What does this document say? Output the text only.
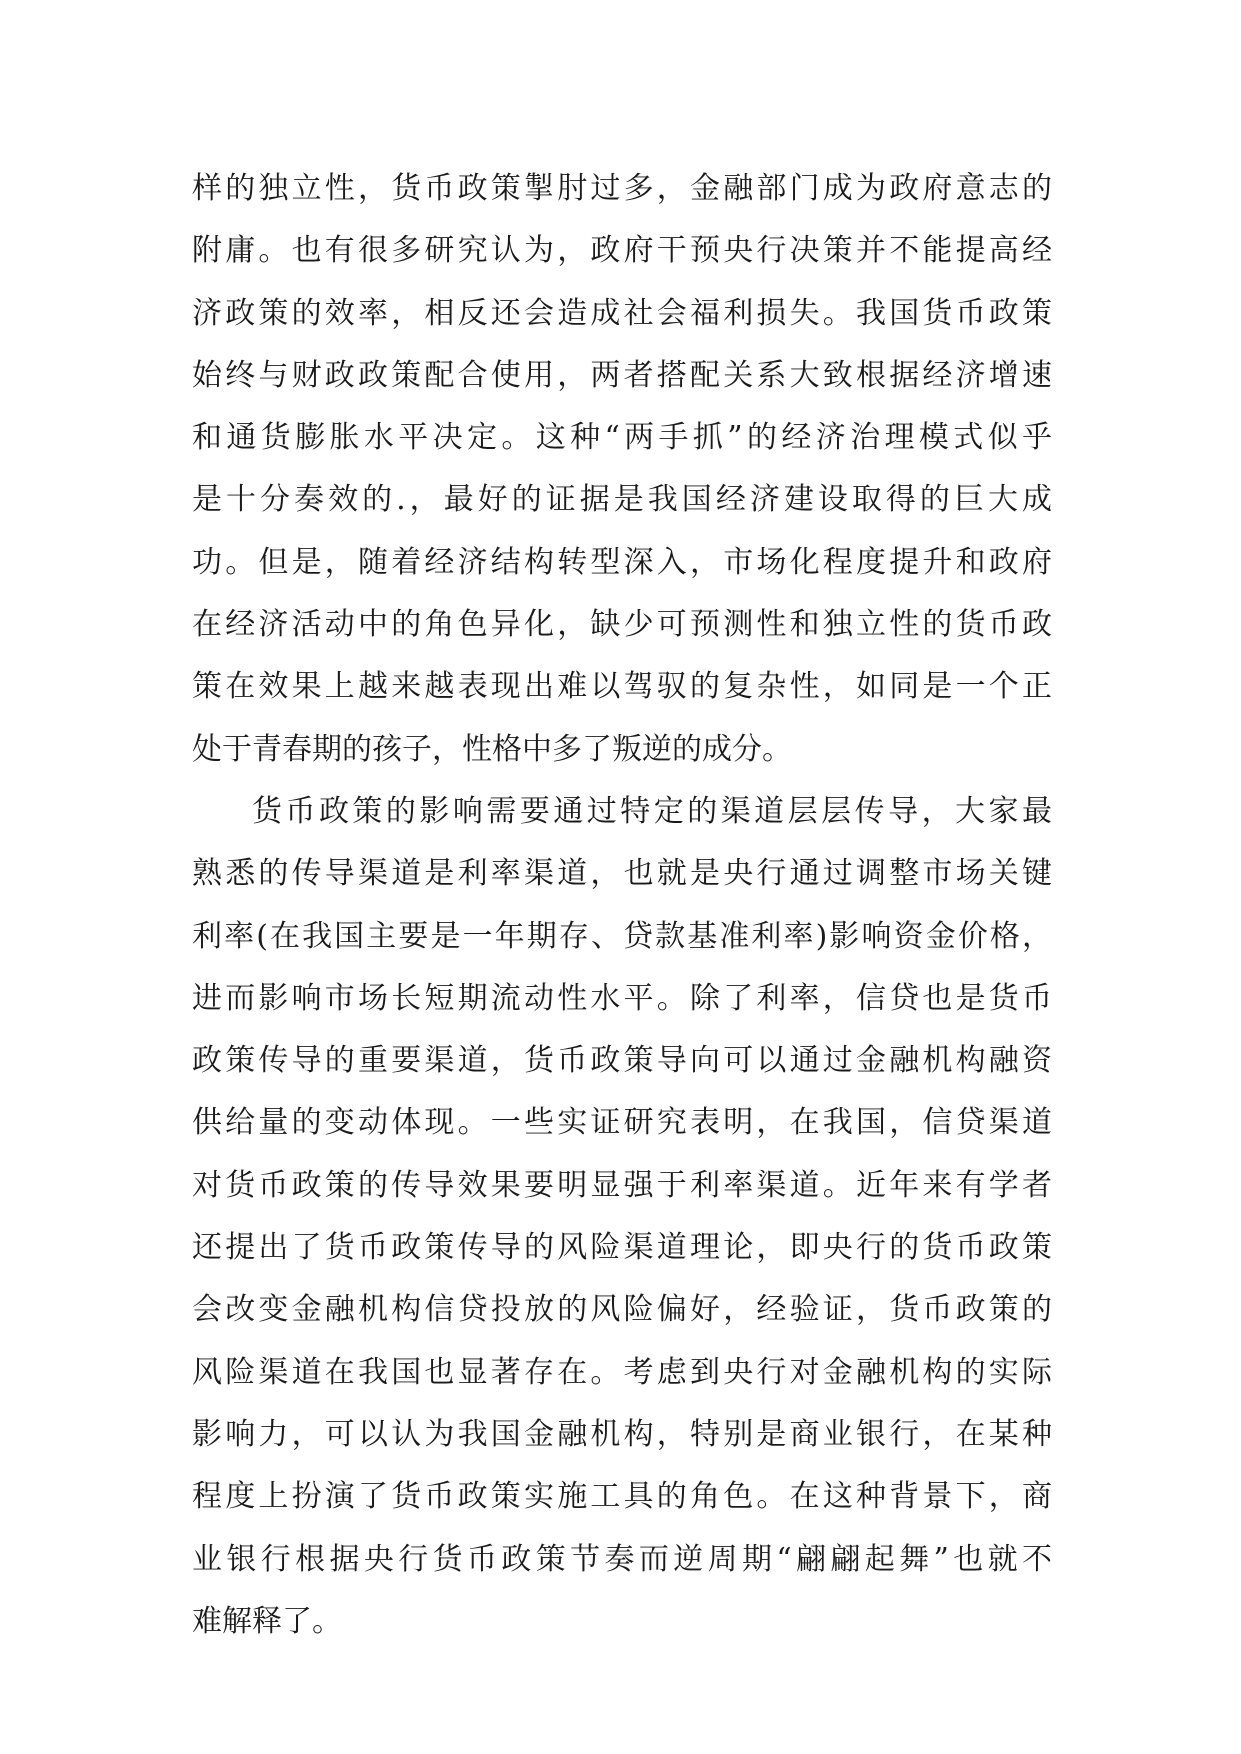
样的独立性，货币政策掣肘过多，金融部门成为政府意志的
附庸。也有很多研究认为，政府干预央行决策并不能提高经
济政策的效率，相反还会造成社会福利损失。我国货币政策
始终与财政政策配合使用，两者搭配关系大致根据经济增速
和通货膨胀水平决定。这种“两手抓”的经济治理模式似乎
是十分奏效的.，最好的证据是我国经济建设取得的巨大成
功。但是，随着经济结构转型深入，市场化程度提升和政府
在经济活动中的角色异化，缺少可预测性和独立性的货币政
策在效果上越来越表现出难以驾驭的复杂性，如同是一个正
处于青春期的孩子，性格中多了叛逆的成分。
货币政策的影响需要通过特定的渠道层层传导，大家最
熟悉的传导渠道是利率渠道，也就是央行通过调整市场关键
利率(在我国主要是一年期存、贷款基准利率)影响资金价格，
进而影响市场长短期流动性水平。除了利率，信贷也是货币
政策传导的重要渠道，货币政策导向可以通过金融机构融资
供给量的变动体现。一些实证研究表明，在我国，信贷渠道
对货币政策的传导效果要明显强于利率渠道。近年来有学者
还提出了货币政策传导的风险渠道理论，即央行的货币政策
会改变金融机构信贷投放的风险偏好，经验证，货币政策的
风险渠道在我国也显著存在。考虑到央行对金融机构的实际
影响力，可以认为我国金融机构，特别是商业银行，在某种
程度上扮演了货币政策实施工具的角色。在这种背景下，商
业银行根据央行货币政策节奏而逆周期“翩翩起舞”也就不
难解释了。
